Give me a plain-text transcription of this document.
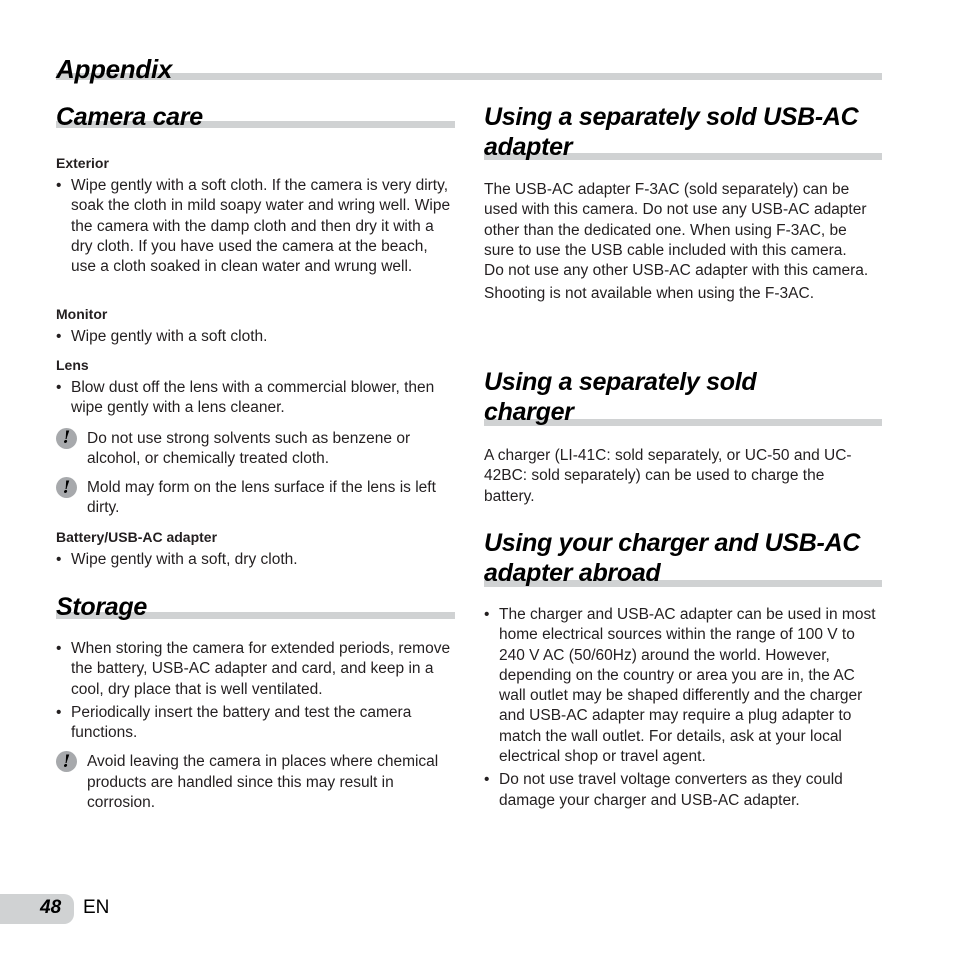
Appendix
Camera care

Exterior

• Wipe gently with a soft cloth. If the camera is very dirty, soak the cloth in mild soapy water and wring well. Wipe the camera with the damp cloth and then dry it with a dry cloth. If you have used the camera at the beach, use a cloth soaked in clean water and wrung well.

Monitor

• Wipe gently with a soft cloth.

Lens

• Blow dust off the lens with a commercial blower, then wipe gently with a lens cleaner.
!	Do not use strong solvents such as benzene or alcohol, or chemically treated cloth.
!	Mold may form on the lens surface if the lens is left dirty.

Battery/USB-AC adapter

• Wipe gently with a soft, dry cloth.
Storage
• When storing the camera for extended periods, remove the battery, USB-AC adapter and card, and keep in a cool, dry place that is well ventilated.
• Periodically insert the battery and test the camera functions.
!	Avoid leaving the camera in places where chemical products are handled since this may result in corrosion.
Using a separately sold USB-AC adapter

The USB-AC adapter F-3AC (sold separately) can be used with this camera. Do not use any USB-AC adapter other than the dedicated one. When using F-3AC, be sure to use the USB cable included with this camera.

Do not use any other USB-AC adapter with this camera.

Shooting is not available when using the F-3AC.

Using a separately sold charger

A charger (LI-41C: sold separately, or UC-50 and UC-42BC: sold separately) can be used to charge the battery.

Using your charger and USB-AC adapter abroad
• The charger and USB-AC adapter can be used in most home electrical sources within the range of 100 V to 240 V AC (50/60Hz) around the world. However, depending on the country or area you are in, the AC wall outlet may be shaped differently and the charger and USB-AC adapter may require a plug adapter to match the wall outlet. For details, ask at your local electrical shop or travel agent.
• Do not use travel voltage converters as they could damage your charger and USB-AC adapter.
48 EN
